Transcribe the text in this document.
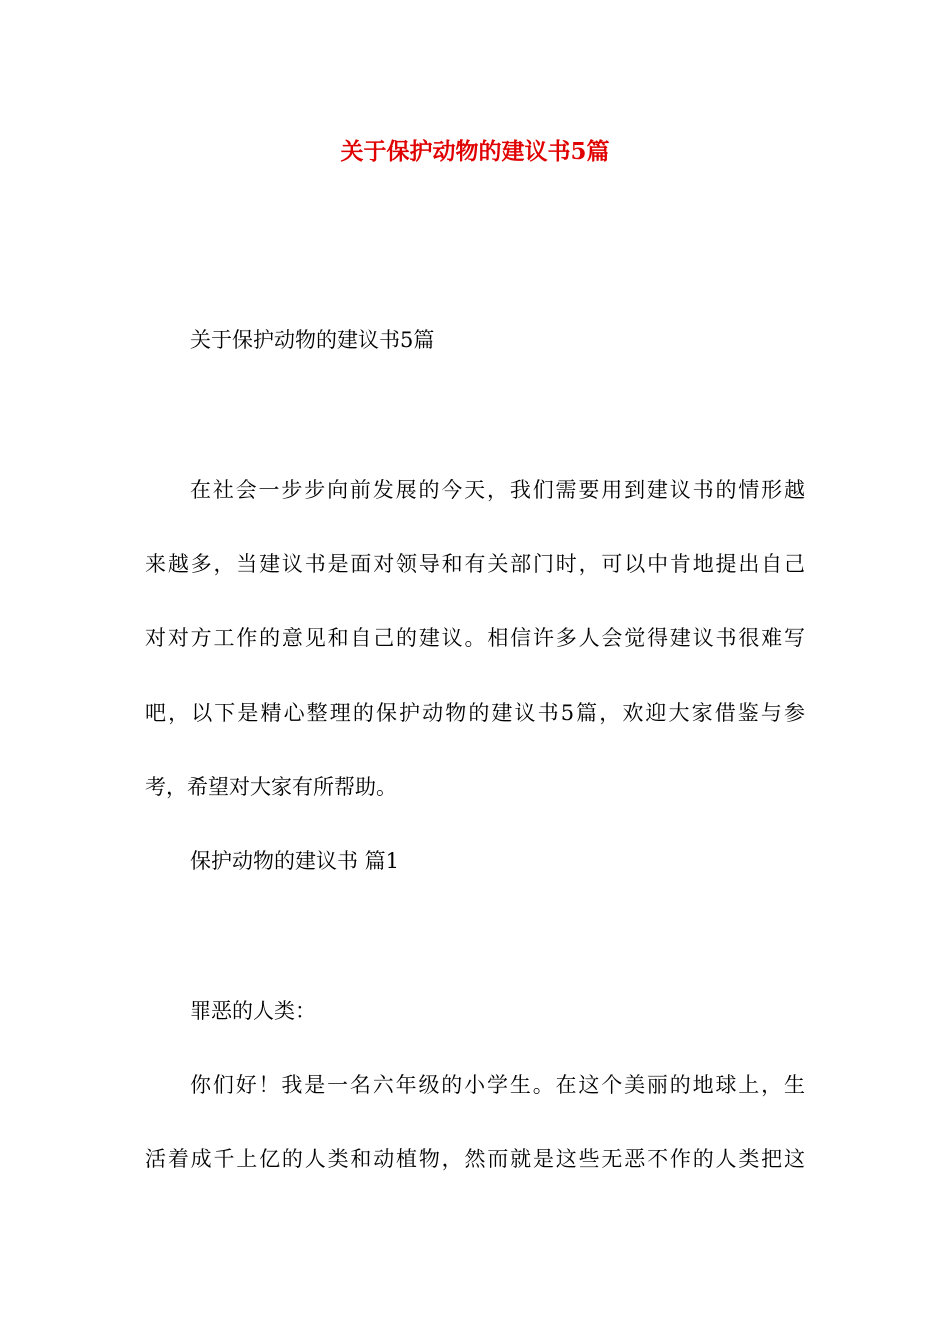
关于保护动物的建议书5篇
关于保护动物的建议书5篇
在社会一步步向前发展的今天，我们需要用到建议书的情形越
来越多，当建议书是面对领导和有关部门时，可以中肯地提出自己
对对方工作的意见和自己的建议。相信许多人会觉得建议书很难写
吧，以下是精心整理的保护动物的建议书5篇，欢迎大家借鉴与参
考，希望对大家有所帮助。
保护动物的建议书 篇1
罪恶的人类：
你们好！我是一名六年级的小学生。在这个美丽的地球上，生
活着成千上亿的人类和动植物，然而就是这些无恶不作的人类把这
